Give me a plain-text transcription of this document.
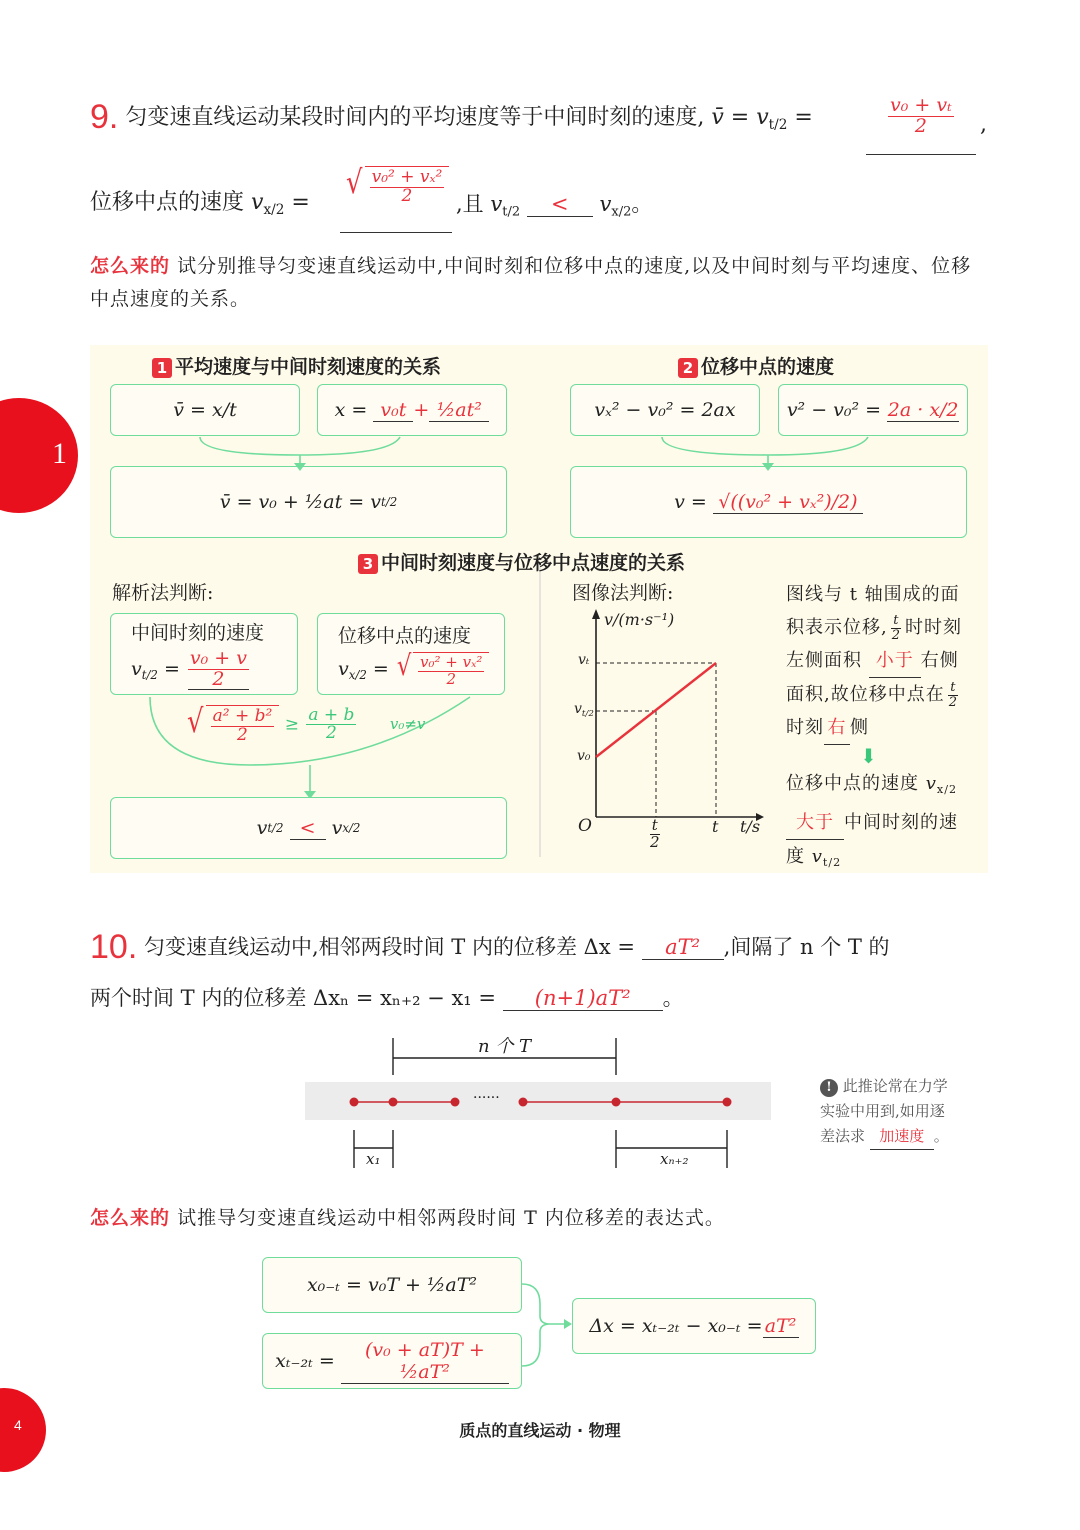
1
9. 匀变速直线运动某段时间内的平均速度等于中间时刻的速度, v̄ = $v_{t/2}$ =	$\frac{\text{v₀ + vₜ}}{2}$ ,
位移中点的速度 $v_{x/2}$ =
√ $\frac{\text{v₀² + vₓ²}}{2}$ ,且 $v_{t/2} < v_{x/2}$。
怎么来的 试分别推导匀变速直线运动中,中间时刻和位移中点的速度,以及中间时刻与平均速度、位移中点速度的关系。
1 平均速度与中间时刻速度的关系	2 位移中点的速度
v̄ = x/t	x =
v₀t + ½at²
v̄ = v₀ + ½at = v t/2
vₓ² − v₀² = 2ax	v² − v₀² =
2a · x/2
v =
√((v₀² + vₓ²)/2)
3 中间时刻速度与位移中点速度的关系
解析法判断:
中间时刻的速度
$v_{t/2} = \frac{\text{v₀ + v}}{2}$
位移中点的速度
$v_{x/2}$ = √ $\frac{\text{v₀² + vₓ²}}{2}$
√ $\frac{\text{a² + b²}}{2} \ge \frac{a + b}{2} v_0\ne v$
v t/2
<
v x/2
图像法判断:
v/(m·s⁻¹)
vₜ
$v_{t/2}$
v₀
O	$\frac{t}{2}$	t t/s
图线与 t 轴围成的面积表示位移, $\frac{t}{2}$ 时时刻左侧面积 小于 右侧面积,故位移中点在 $\frac{t}{2}$
时刻 右 侧
⬇
位移中点的速度 $v_{x/2}$
大于 中间时刻的速度 $v_{t/2}$
10. 匀变速直线运动中,相邻两段时间 T 内的位移差 Δx = aT² ,间隔了 n 个 T 的
两个时间 T 内的位移差 Δxₙ = xₙ₊₂ − x₁ = (n+1)aT² 。
n 个 T
······
x₁	xₙ₊₂
! 此推论常在力学实验中用到,如用逐差法求 加速度 。
怎么来的 试推导匀变速直线运动中相邻两段时间 T 内位移差的表达式。
x₀₋ₜ = v₀T + ½aT²
xₜ₋₂ₜ =

(v₀ + aT)T + ½aT²
Δx = xₜ₋₂ₜ − x₀₋ₜ = aT²
4	质点的直线运动 · 物理
